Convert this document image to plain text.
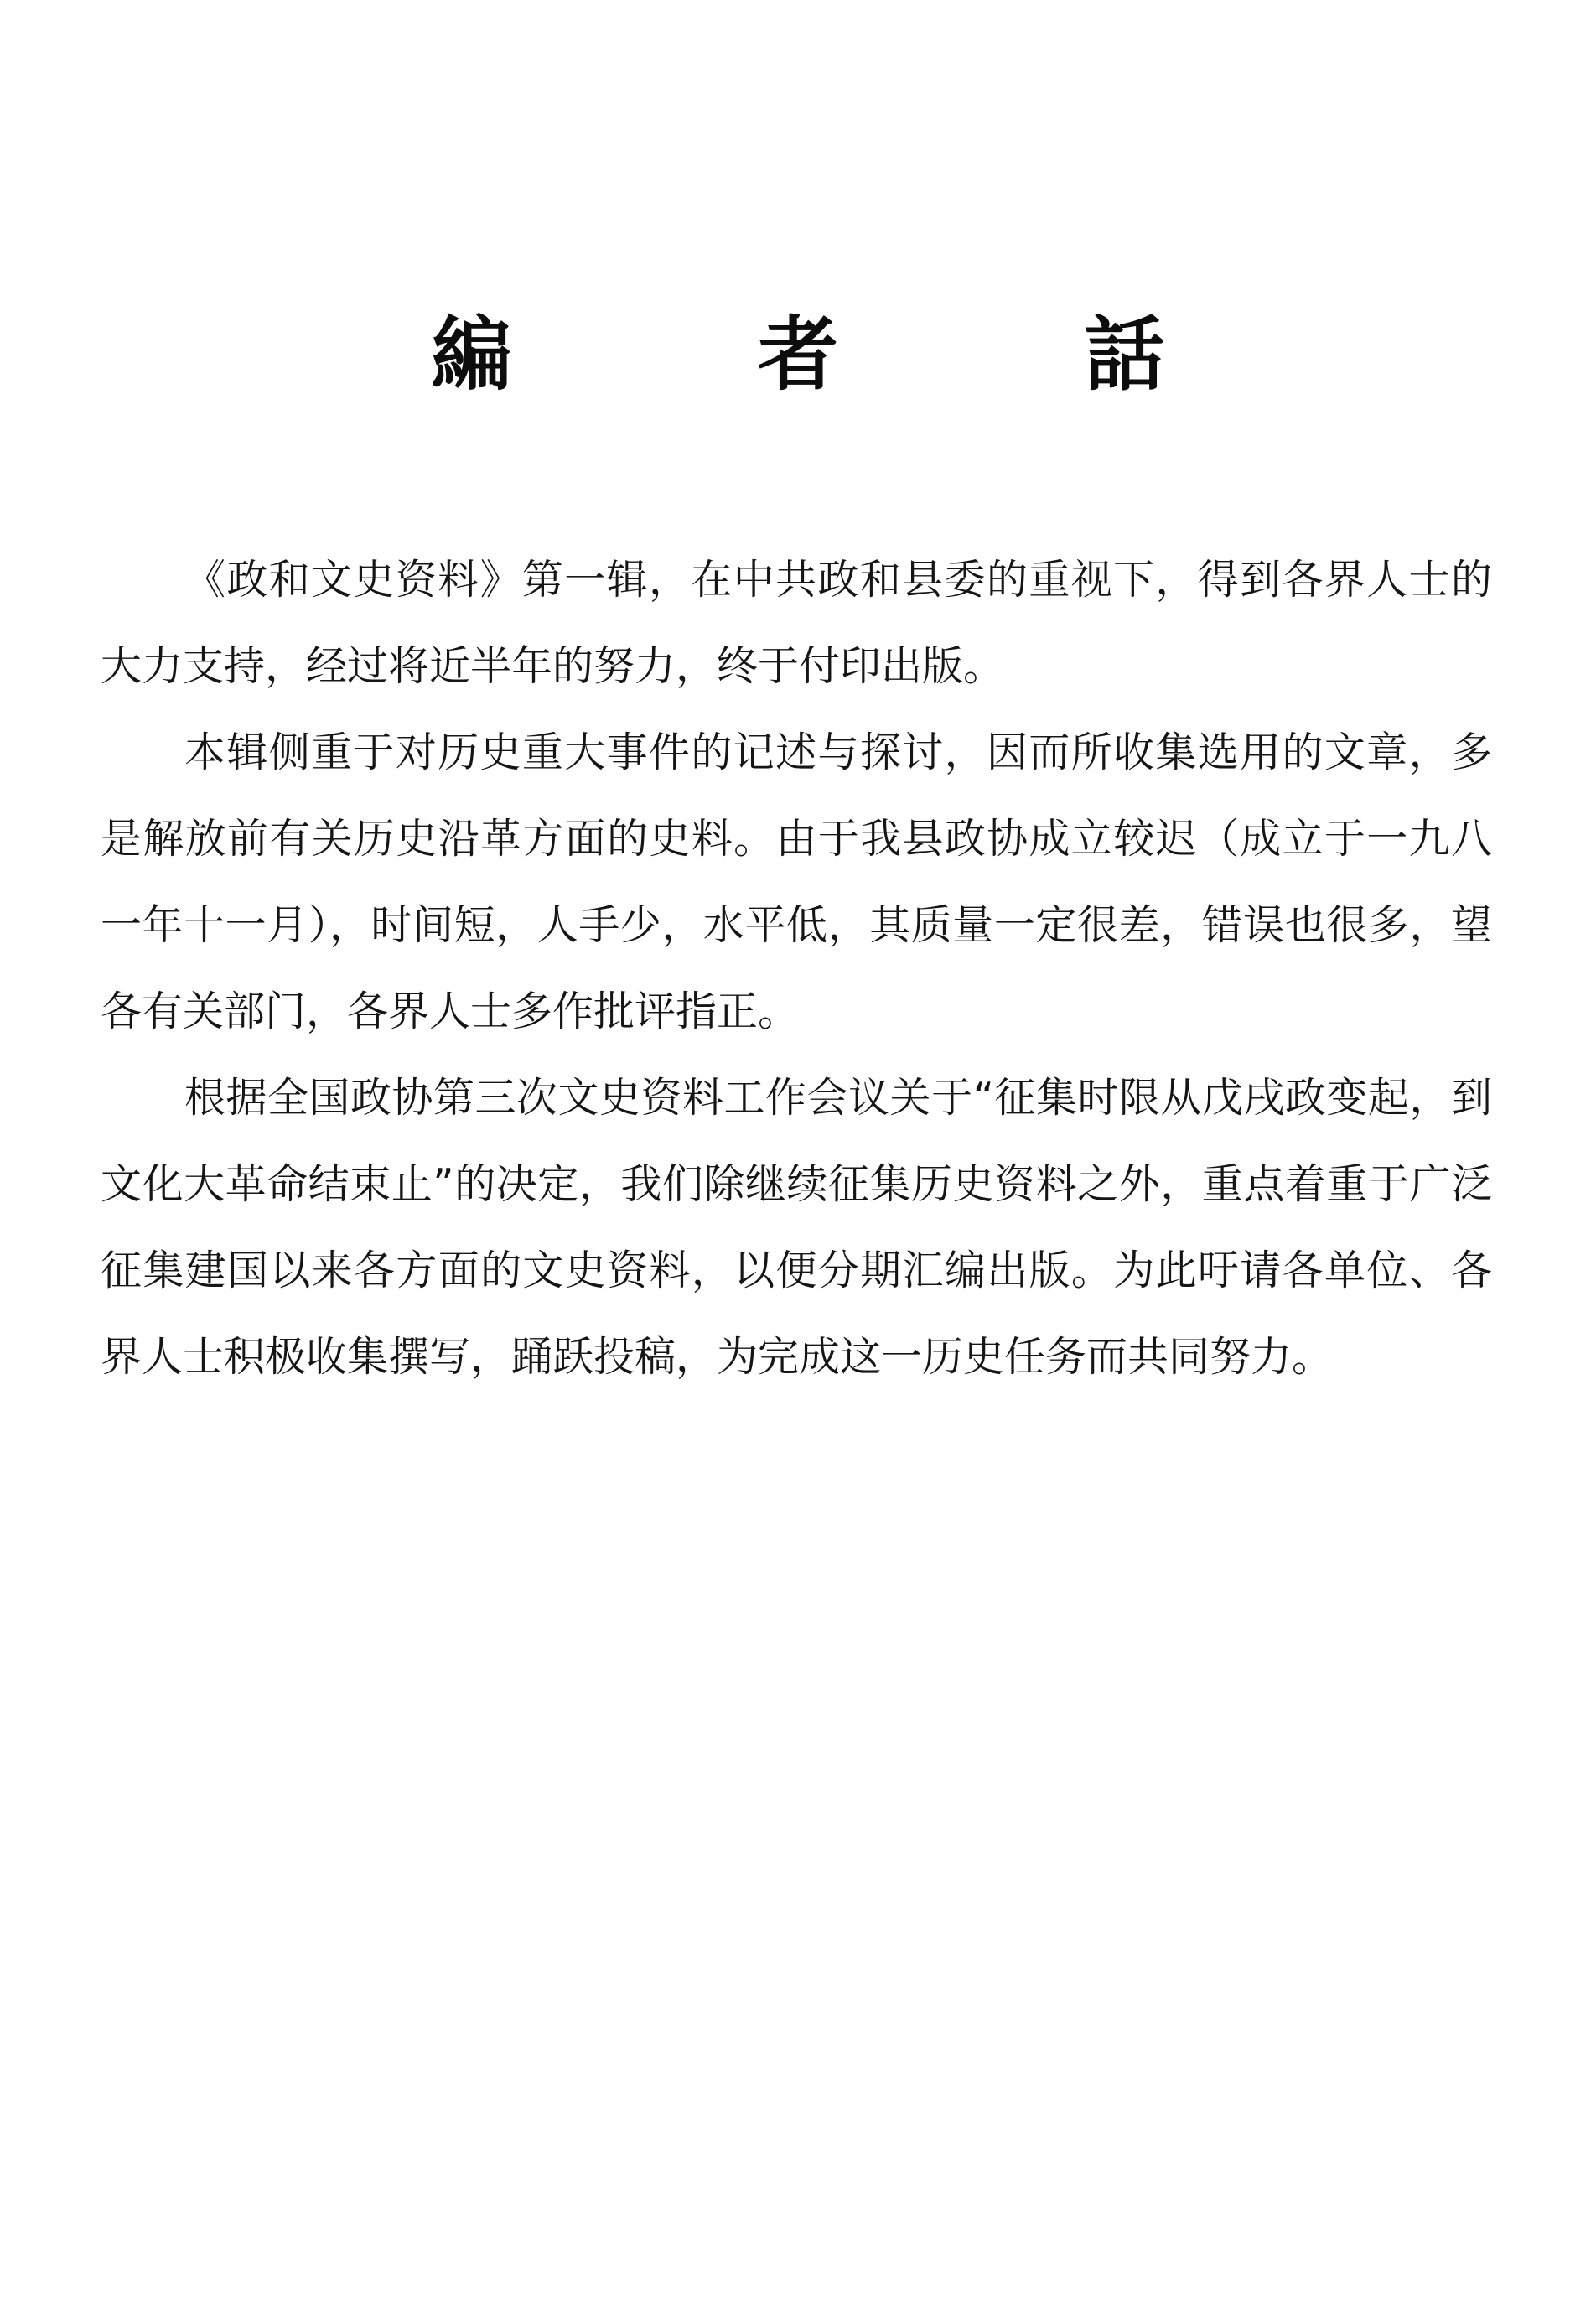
編 者 話

《政和文史资料》第一辑，在中共政和县委的重视下，得到各界人士的大力支持，经过将近半年的努力，终于付印出版。

本辑侧重于对历史重大事件的记述与探讨，因而所收集选用的文章，多是解放前有关历史沿革方面的史料。由于我县政协成立较迟（成立于一九八一年十一月），时间短，人手少，水平低，其质量一定很差，错误也很多，望各有关部门，各界人士多作批评指正。

根据全国政协第三次文史资料工作会议关于“征集时限从戊戌政变起，到文化大革命结束止”的决定，我们除继续征集历史资料之外，重点着重于广泛征集建国以来各方面的文史资料，以便分期汇编出版。为此吁请各单位、各界人士积极收集撰写，踊跃投稿，为完成这一历史任务而共同努力。
